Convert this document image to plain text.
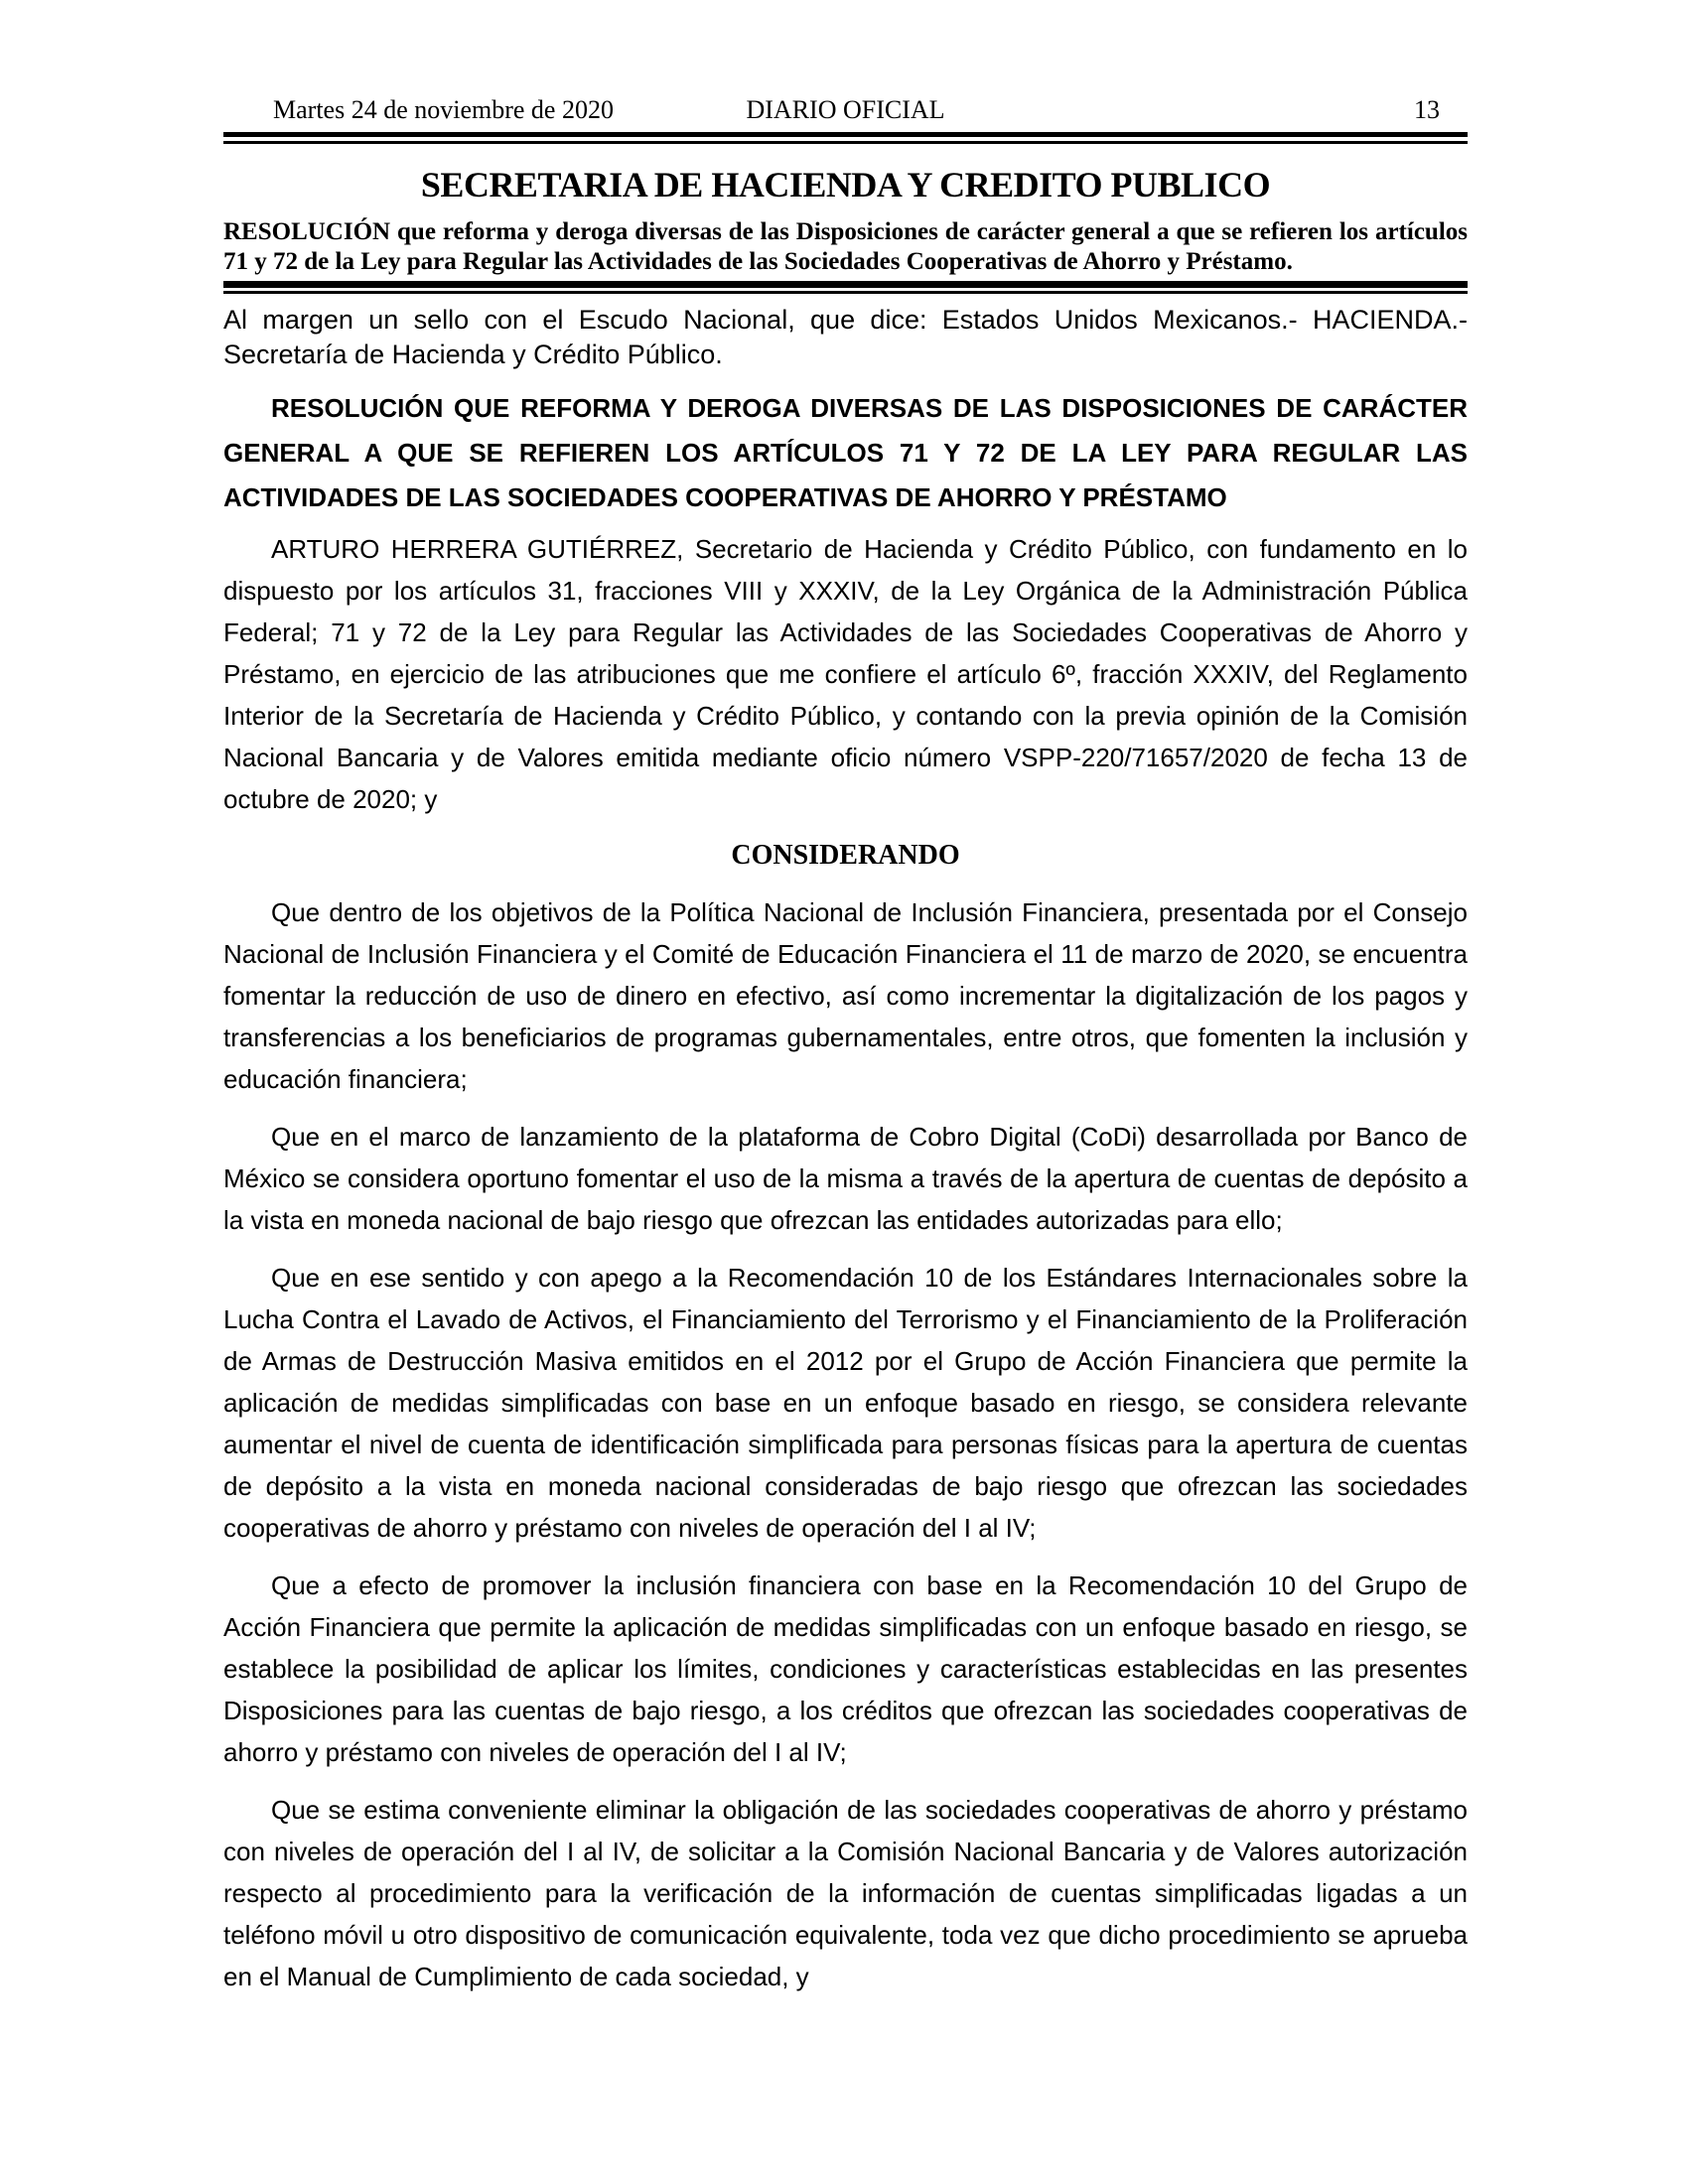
Martes 24 de noviembre de 2020	DIARIO OFICIAL	13
SECRETARIA DE HACIENDA Y CREDITO PUBLICO

RESOLUCIÓN que reforma y deroga diversas de las Disposiciones de carácter general a que se refieren los artículos 71 y 72 de la Ley para Regular las Actividades de las Sociedades Cooperativas de Ahorro y Préstamo.

Al margen un sello con el Escudo Nacional, que dice: Estados Unidos Mexicanos.- HACIENDA.- Secretaría de Hacienda y Crédito Público.

RESOLUCIÓN QUE REFORMA Y DEROGA DIVERSAS DE LAS DISPOSICIONES DE CARÁCTER GENERAL A QUE SE REFIEREN LOS ARTÍCULOS 71 Y 72 DE LA LEY PARA REGULAR LAS ACTIVIDADES DE LAS SOCIEDADES COOPERATIVAS DE AHORRO Y PRÉSTAMO

ARTURO HERRERA GUTIÉRREZ, Secretario de Hacienda y Crédito Público, con fundamento en lo dispuesto por los artículos 31, fracciones VIII y XXXIV, de la Ley Orgánica de la Administración Pública Federal; 71 y 72 de la Ley para Regular las Actividades de las Sociedades Cooperativas de Ahorro y Préstamo, en ejercicio de las atribuciones que me confiere el artículo 6º, fracción XXXIV, del Reglamento Interior de la Secretaría de Hacienda y Crédito Público, y contando con la previa opinión de la Comisión Nacional Bancaria y de Valores emitida mediante oficio número VSPP-220/71657/2020 de fecha 13 de octubre de 2020; y

CONSIDERANDO

Que dentro de los objetivos de la Política Nacional de Inclusión Financiera, presentada por el Consejo Nacional de Inclusión Financiera y el Comité de Educación Financiera el 11 de marzo de 2020, se encuentra fomentar la reducción de uso de dinero en efectivo, así como incrementar la digitalización de los pagos y transferencias a los beneficiarios de programas gubernamentales, entre otros, que fomenten la inclusión y educación financiera;

Que en el marco de lanzamiento de la plataforma de Cobro Digital (CoDi) desarrollada por Banco de México se considera oportuno fomentar el uso de la misma a través de la apertura de cuentas de depósito a la vista en moneda nacional de bajo riesgo que ofrezcan las entidades autorizadas para ello;

Que en ese sentido y con apego a la Recomendación 10 de los Estándares Internacionales sobre la Lucha Contra el Lavado de Activos, el Financiamiento del Terrorismo y el Financiamiento de la Proliferación de Armas de Destrucción Masiva emitidos en el 2012 por el Grupo de Acción Financiera que permite la aplicación de medidas simplificadas con base en un enfoque basado en riesgo, se considera relevante aumentar el nivel de cuenta de identificación simplificada para personas físicas para la apertura de cuentas de depósito a la vista en moneda nacional consideradas de bajo riesgo que ofrezcan las sociedades cooperativas de ahorro y préstamo con niveles de operación del I al IV;

Que a efecto de promover la inclusión financiera con base en la Recomendación 10 del Grupo de Acción Financiera que permite la aplicación de medidas simplificadas con un enfoque basado en riesgo, se establece la posibilidad de aplicar los límites, condiciones y características establecidas en las presentes Disposiciones para las cuentas de bajo riesgo, a los créditos que ofrezcan las sociedades cooperativas de ahorro y préstamo con niveles de operación del I al IV;

Que se estima conveniente eliminar la obligación de las sociedades cooperativas de ahorro y préstamo con niveles de operación del I al IV, de solicitar a la Comisión Nacional Bancaria y de Valores autorización respecto al procedimiento para la verificación de la información de cuentas simplificadas ligadas a un teléfono móvil u otro dispositivo de comunicación equivalente, toda vez que dicho procedimiento se aprueba en el Manual de Cumplimiento de cada sociedad, y
